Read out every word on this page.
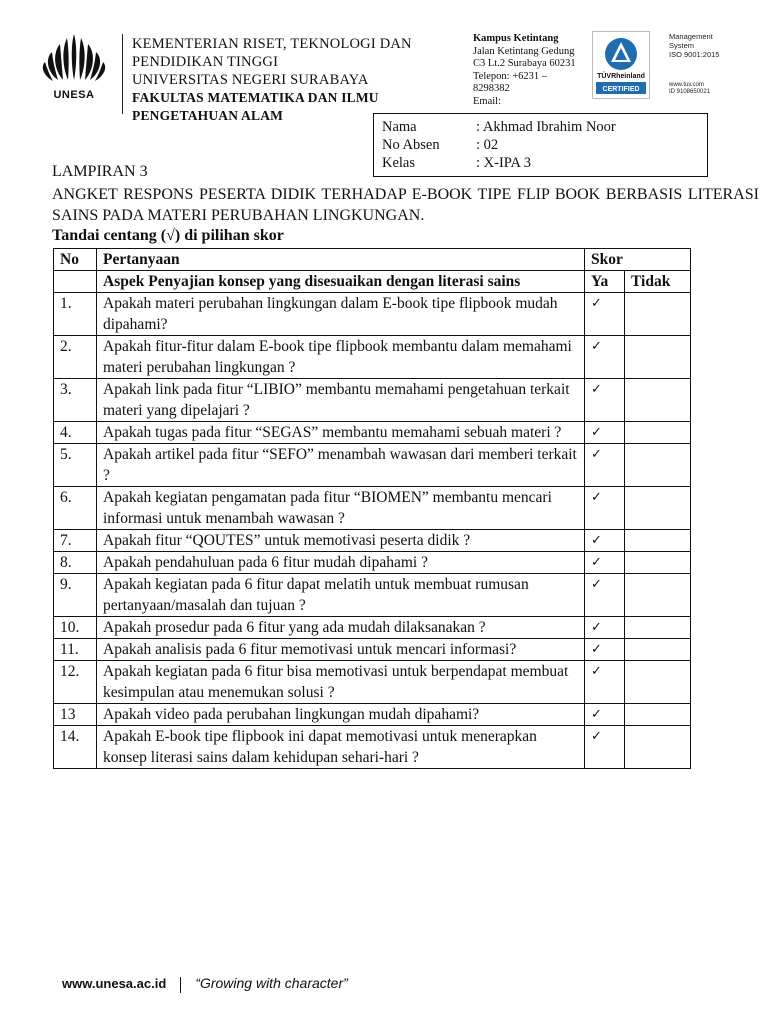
UNESA
KEMENTERIAN RISET, TEKNOLOGI DAN
PENDIDIKAN TINGGI
UNIVERSITAS NEGERI SURABAYA
FAKULTAS MATEMATIKA DAN ILMU
PENGETAHUAN ALAM
Kampus Ketintang
Jalan Ketintang Gedung
C3 Lt.2 Surabaya 60231
Telepon: +6231 –
8298382
Email:
TÜVRheinland
CERTIFIED
Management
System
ISO 9001:2015
www.tuv.com
ID 9108650021
Nama	: Akhmad Ibrahim Noor
No Absen	: 02
Kelas	: X-IPA 3
LAMPIRAN 3
ANGKET RESPONS PESERTA DIDIK TERHADAP E-BOOK TIPE FLIP BOOK BERBASIS LITERASI SAINS PADA MATERI PERUBAHAN LINGKUNGAN.
Tandai centang (√) di pilihan skor
No	Pertanyaan	Skor	
	Aspek Penyajian konsep yang disesuaikan dengan literasi sains	Ya	Tidak
1.	Apakah materi perubahan lingkungan dalam E-book tipe flipbook mudah dipahami?	✓	
2.	Apakah fitur-fitur dalam E-book tipe flipbook membantu dalam memahami materi perubahan lingkungan ?	✓	
3.	Apakah link pada fitur “LIBIO” membantu memahami pengetahuan terkait materi yang dipelajari ?	✓	
4.	Apakah tugas pada fitur “SEGAS” membantu memahami sebuah materi ?	✓	
5.	Apakah artikel pada fitur “SEFO” menambah wawasan dari memberi terkait ?	✓	
6.	Apakah kegiatan pengamatan pada fitur “BIOMEN” membantu mencari informasi untuk menambah wawasan ?	✓	
7.	Apakah fitur “QOUTES” untuk memotivasi peserta didik ?	✓	
8.	Apakah pendahuluan pada 6 fitur mudah dipahami ?	✓	
9.	Apakah kegiatan pada 6 fitur dapat melatih untuk membuat rumusan pertanyaan/masalah dan tujuan ?	✓	
10.	Apakah prosedur pada 6 fitur yang ada mudah dilaksanakan ?	✓	
11.	Apakah analisis pada 6 fitur memotivasi untuk mencari informasi?	✓	
12.	Apakah kegiatan pada 6 fitur bisa memotivasi untuk berpendapat membuat kesimpulan atau menemukan solusi ?	✓	
13	Apakah video pada perubahan lingkungan mudah dipahami?	✓	
14.	Apakah E-book tipe flipbook ini dapat memotivasi untuk menerapkan konsep literasi sains dalam kehidupan sehari-hari ?	✓	
www.unesa.ac.id “Growing with character”
